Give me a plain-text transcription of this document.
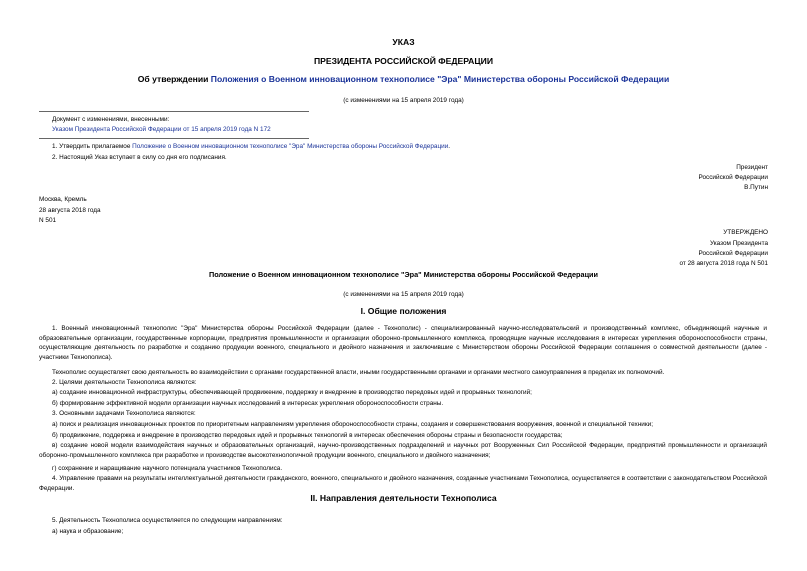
УКАЗ
ПРЕЗИДЕНТА РОССИЙСКОЙ ФЕДЕРАЦИИ
Об утверждении Положения о Военном инновационном технополисе "Эра" Министерства обороны Российской Федерации
(с изменениями на 15 апреля 2019 года)
Документ с изменениями, внесенными:
Указом Президента Российской Федерации от 15 апреля 2019 года N 172
1. Утвердить прилагаемое Положение о Военном инновационном технополисе "Эра" Министерства обороны Российской Федерации.
2. Настоящий Указ вступает в силу со дня его подписания.
Президент
Российской Федерации
В.Путин
Москва, Кремль
28 августа 2018 года
N 501
УТВЕРЖДЕНО
Указом Президента
Российской Федерации
от 28 августа 2018 года N 501
Положение о Военном инновационном технополисе "Эра" Министерства обороны Российской Федерации
(с изменениями на 15 апреля 2019 года)
I. Общие положения
1. Военный инновационный технополис "Эра" Министерства обороны Российской Федерации (далее - Технополис) - специализированный научно-исследовательский и производственный комплекс, объединяющий научные и образовательные организации, государственные корпорации, предприятия промышленности и организации оборонно-промышленного комплекса, проводящие научные исследования в интересах укрепления обороноспособности страны, осуществляющие деятельность по разработке и созданию продукции военного, специального и двойного назначения и заключившие с Министерством обороны Российской Федерации соглашения о совместной деятельности (далее - участники Технополиса).
Технополис осуществляет свою деятельность во взаимодействии с органами государственной власти, иными государственными органами и органами местного самоуправления в пределах их полномочий.
2. Целями деятельности Технополиса являются:
а) создание инновационной инфраструктуры, обеспечивающей продвижение, поддержку и внедрение в производство передовых идей и прорывных технологий;
б) формирование эффективной модели организации научных исследований в интересах укрепления обороноспособности страны.
3. Основными задачами Технополиса являются:
а) поиск и реализация инновационных проектов по приоритетным направлениям укрепления обороноспособности страны, создания и совершенствования вооружения, военной и специальной техники;
б) продвижение, поддержка и внедрение в производство передовых идей и прорывных технологий в интересах обеспечения обороны страны и безопасности государства;
в) создание новой модели взаимодействия научных и образовательных организаций, научно-производственных подразделений и научных рот Вооруженных Сил Российской Федерации, предприятий промышленности и организаций оборонно-промышленного комплекса при разработке и производстве высокотехнологичной продукции военного, специального и двойного назначения;
г) сохранение и наращивание научного потенциала участников Технополиса.
4. Управление правами на результаты интеллектуальной деятельности гражданского, военного, специального и двойного назначения, созданные участниками Технополиса, осуществляется в соответствии с законодательством Российской Федерации.
II. Направления деятельности Технополиса
5. Деятельность Технополиса осуществляется по следующим направлениям:
а) наука и образование;
